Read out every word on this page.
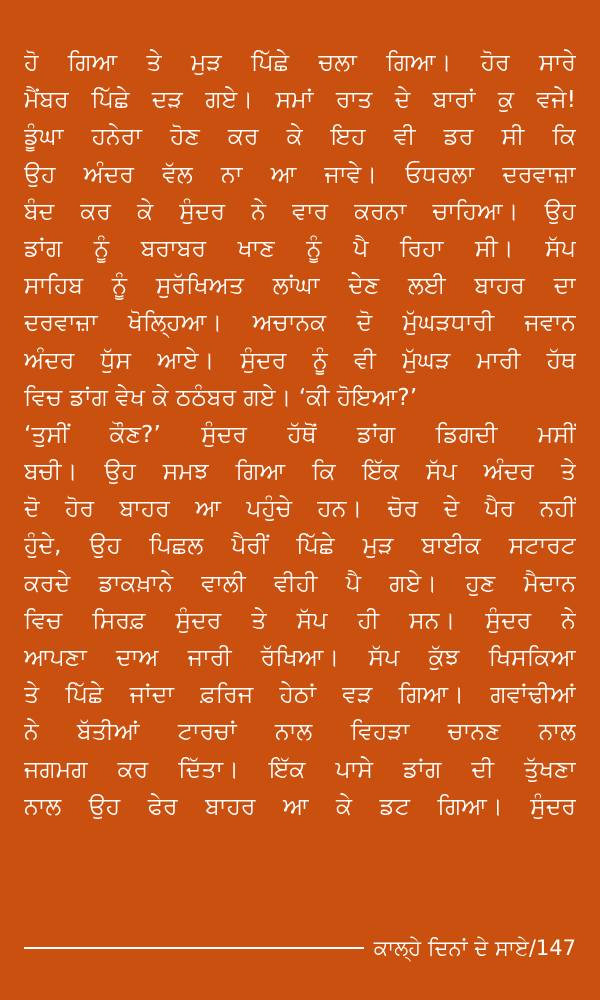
ਹੋ ਗਿਆ ਤੇ ਮੁੜ ਪਿੱਛੇ ਚਲਾ ਗਿਆ। ਹੋਰ ਸਾਰੇ
ਮੈਂਬਰ ਪਿੱਛੇ ਦੜ ਗਏ। ਸਮਾਂ ਰਾਤ ਦੇ ਬਾਰਾਂ ਕੁ ਵਜੇ!
ਡੂੰਘਾ ਹਨੇਰਾ ਹੋਣ ਕਰ ਕੇ ਇਹ ਵੀ ਡਰ ਸੀ ਕਿ
ਉਹ ਅੰਦਰ ਵੱਲ ਨਾ ਆ ਜਾਵੇ। ਓਧਰਲਾ ਦਰਵਾਜ਼ਾ
ਬੰਦ ਕਰ ਕੇ ਸੁੰਦਰ ਨੇ ਵਾਰ ਕਰਨਾ ਚਾਹਿਆ। ਉਹ
ਡਾਂਗ ਨੂੰ ਬਰਾਬਰ ਖਾਣ ਨੂੰ ਪੈ ਰਿਹਾ ਸੀ। ਸੱਪ
ਸਾਹਿਬ ਨੂੰ ਸੁਰੱਖਿਅਤ ਲਾਂਘਾ ਦੇਣ ਲਈ ਬਾਹਰ ਦਾ
ਦਰਵਾਜ਼ਾ ਖੋਲ੍ਹਿਆ। ਅਚਾਨਕ ਦੋ ਮੁੱਘੜਧਾਰੀ ਜਵਾਨ
ਅੰਦਰ ਧੁੱਸ ਆਏ। ਸੁੰਦਰ ਨੂੰ ਵੀ ਮੁੱਘੜ ਮਾਰੀ ਹੱਥ
ਵਿਚ ਡਾਂਗ ਵੇਖ ਕੇ ਠਠੰਬਰ ਗਏ। ‘ਕੀ ਹੋਇਆ?’
‘ਤੁਸੀਂ ਕੌਣ?’ ਸੁੰਦਰ ਹੱਥੋਂ ਡਾਂਗ ਡਿਗਦੀ ਮਸੀਂ
ਬਚੀ। ਉਹ ਸਮਝ ਗਿਆ ਕਿ ਇੱਕ ਸੱਪ ਅੰਦਰ ਤੇ
ਦੋ ਹੋਰ ਬਾਹਰ ਆ ਪਹੁੰਚੇ ਹਨ। ਚੋਰ ਦੇ ਪੈਰ ਨਹੀਂ
ਹੁੰਦੇ, ਉਹ ਪਿਛਲ ਪੈਰੀਂ ਪਿੱਛੇ ਮੁੜ ਬਾਈਕ ਸਟਾਰਟ
ਕਰਦੇ ਡਾਕਖ਼ਾਨੇ ਵਾਲੀ ਵੀਹੀ ਪੈ ਗਏ। ਹੁਣ ਮੈਦਾਨ
ਵਿਚ ਸਿਰਫ਼ ਸੁੰਦਰ ਤੇ ਸੱਪ ਹੀ ਸਨ। ਸੁੰਦਰ ਨੇ
ਆਪਣਾ ਦਾਅ ਜਾਰੀ ਰੱਖਿਆ। ਸੱਪ ਕੁੱਝ ਖਿਸਕਿਆ
ਤੇ ਪਿੱਛੇ ਜਾਂਦਾ ਫ਼ਰਿਜ ਹੇਠਾਂ ਵੜ ਗਿਆ। ਗਵਾਂਢੀਆਂ
ਨੇ ਬੱਤੀਆਂ ਟਾਰਚਾਂ ਨਾਲ ਵਿਹੜਾ ਚਾਨਣ ਨਾਲ
ਜਗਮਗ ਕਰ ਦਿੱਤਾ। ਇੱਕ ਪਾਸੇ ਡਾਂਗ ਦੀ ਤੁੱਖਣਾ
ਨਾਲ ਉਹ ਫੇਰ ਬਾਹਰ ਆ ਕੇ ਡਟ ਗਿਆ। ਸੁੰਦਰ
ਕਾਲ੍ਹੇ ਦਿਨਾਂ ਦੇ ਸਾਏ/147
